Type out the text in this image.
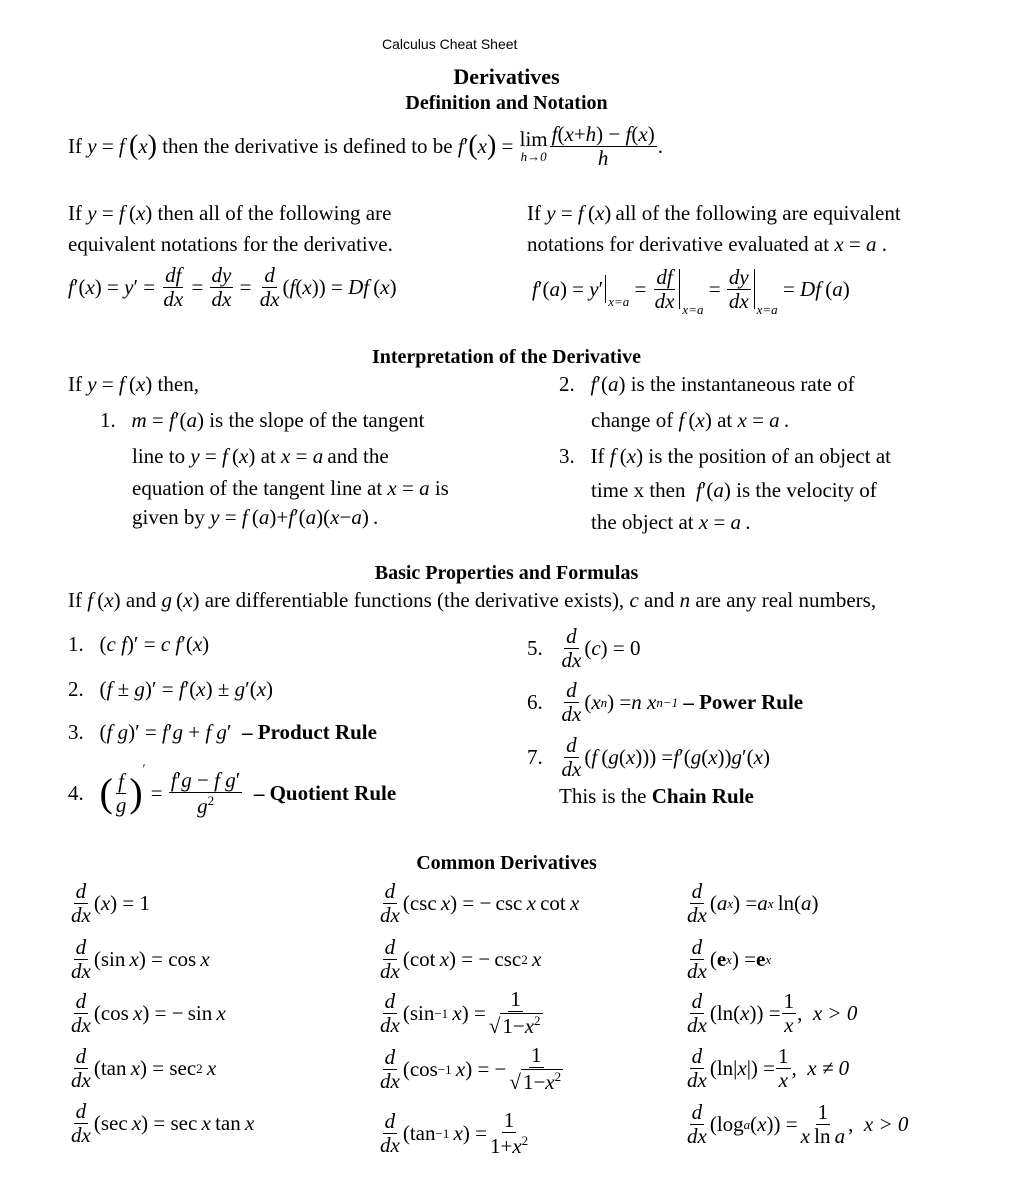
Calculus Cheat Sheet
Derivatives
Definition and Notation
If
y = f
  ( x )
then the derivative is defined to be
f ′ ( x ) = lim
$h\to 0 \frac{f(x+h) - f(x)}{h}$ .
If y = f (x) then all of the following are
equivalent notations for the derivative.
f ′( x ) = y ′ = $\frac{df}{dx} = \frac{dy}{dx} = \frac{d}{dx}$ ( f ( x )) = Df  ( x )
If y = f (x) all of the following are equivalent
notations for derivative evaluated at x = a .
f ′( a ) = y ′
$_{x=a}$
= $\frac{df}{dx} _{x=a}$
= $\frac{dy}{dx} _{x=a}$
= Df  ( a )
Interpretation of the Derivative
If y = f (x) then,
1. m = f′(a) is the slope of the tangent
line to y = f (x) at x = a  and the
equation of the tangent line at x = a is
given by y = f (a)+f′(a)(x−a) .
2. f′(a) is the instantaneous rate of
change of f (x) at x = a .
3. If f (x) is the position of an object at
time x then f′(a) is the velocity of
the object at x = a .
Basic Properties and Formulas
If f (x) and g (x) are differentiable functions (the derivative exists), c and n are any real numbers,
1.   (c f)′ = c f′(x)
2.   (f ± g)′ = f′(x) ± g′(x)
3.   (f g)′ = f′g + f g′  – Product Rule
4.
( $\frac{f}{g}$ )
′
= $\frac{\text{f′g − f g′}}{g^2}$
– Quotient Rule
5.
$\frac{d}{dx}$ ( c ) = 0
6.
$\frac{d}{dx}$ ( x n ) = n x n−1
– Power Rule
7.
$\frac{d}{dx}$ ( f  ( g ( x ))) = f ′( g ( x )) g ′( x )
This is the Chain Rule
Common Derivatives
$\frac{d}{dx}$ ( x ) = 1
$\frac{d}{dx} (\sin$  x ) = cos  x
$\frac{d}{dx} (\cos$  x ) = − sin  x
$\frac{d}{dx} (\tan$  x ) = sec 2
  x
$\frac{d}{dx} (\sec$  x ) = sec  x  tan  x
$\frac{d}{dx} (\csc$  x ) = − csc  x  cot  x
$\frac{d}{dx} (\cot$  x ) = − csc 2
  x
$\frac{d}{dx} (\sin -1$
  x ) = $\frac{1}{√1-x^2}$
$\frac{d}{dx} (\cos -1$
  x ) = − $\frac{1}{√1-x^2}$
$\frac{d}{dx} (\tan -1$
  x ) = $\frac{1}{1+x^2}$
$\frac{d}{dx}$ ( a x ) = a x  ln( a )
$\frac{d}{dx}$ ( e x ) = e x
$\frac{d}{dx} (\ln$( x )) = $\frac{1}{x}$ , x > 0
$\frac{d}{dx} (\ln|$ x |) = $\frac{1}{x}$ , x ≠ 0
$\frac{d}{dx} (\log$ a ( x )) = $\frac{1}{\text{x ln a}}$ , x > 0
